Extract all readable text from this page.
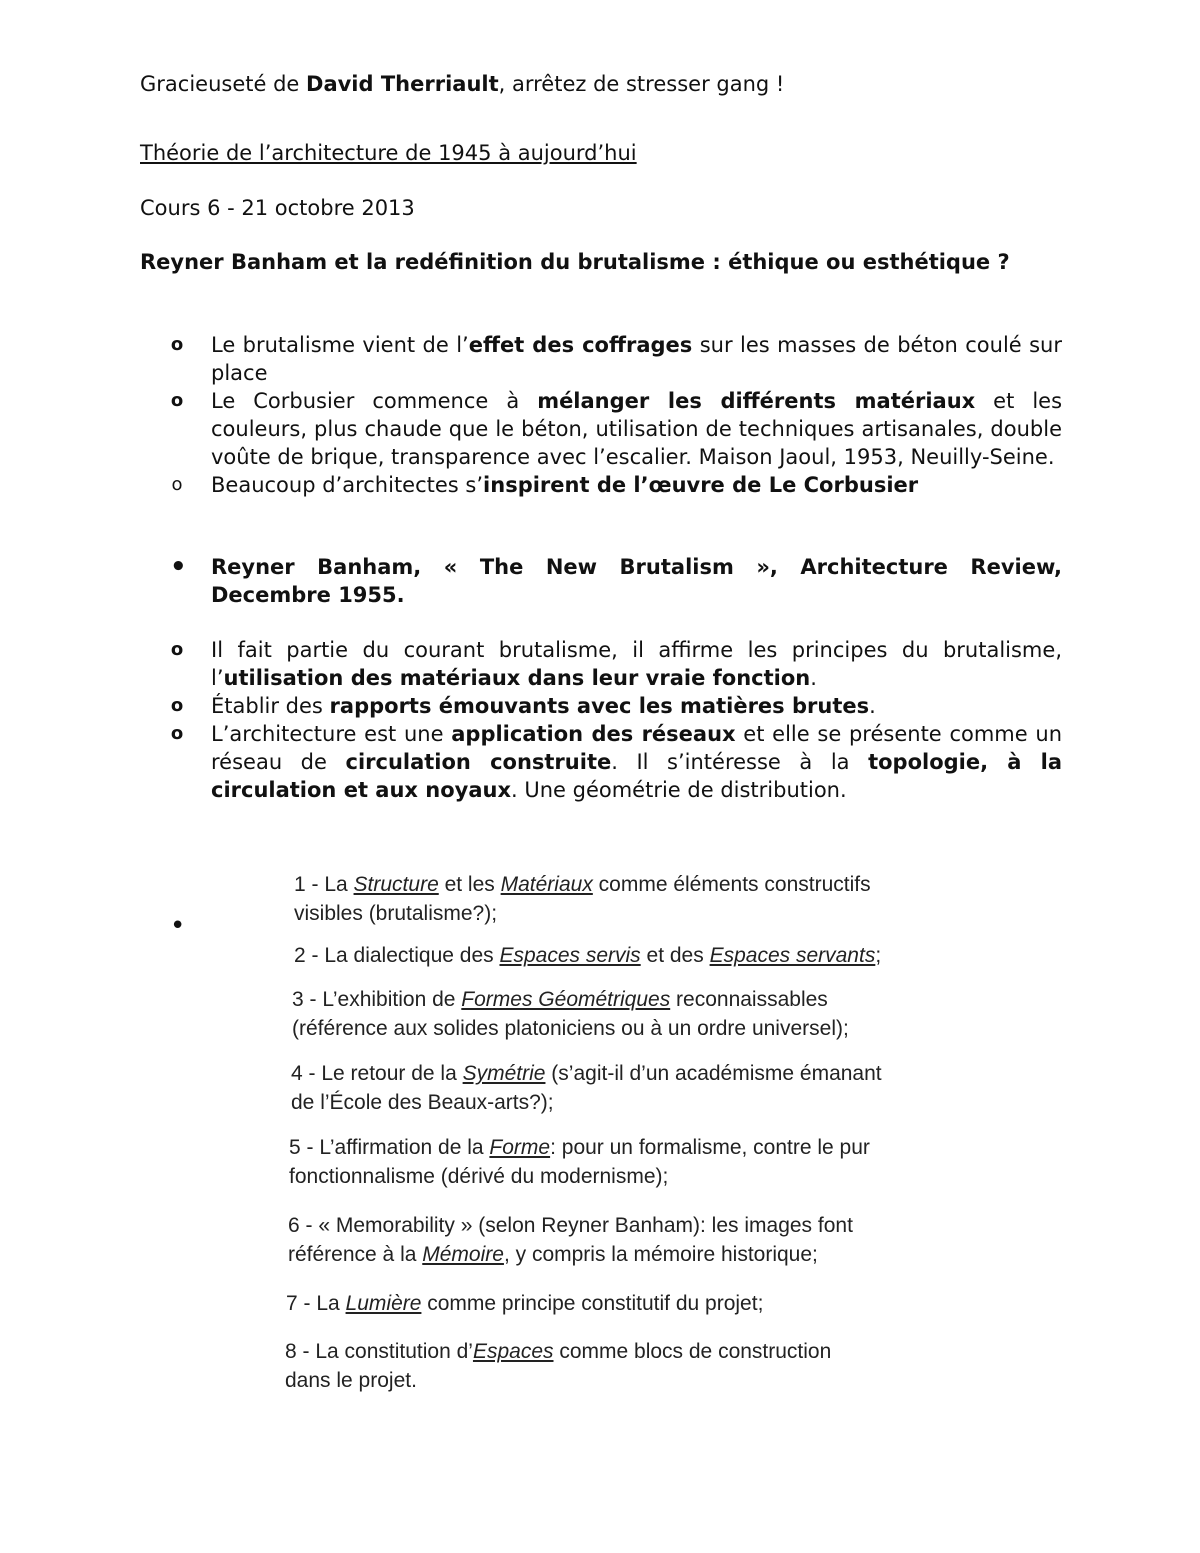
Gracieuseté de David Therriault, arrêtez de stresser gang !
Théorie de l’architecture de 1945 à aujourd’hui
Cours 6 - 21 octobre 2013
Reyner Banham et la redéfinition du brutalisme : éthique ou esthétique ?
o Le brutalisme vient de l’effet des coffrages sur les masses de béton coulé sur place
o Le Corbusier commence à mélanger les différents matériaux et les couleurs, plus chaude que le béton, utilisation de techniques artisanales, double voûte de brique, transparence avec l’escalier. Maison Jaoul, 1953, Neuilly-Seine.
o Beaucoup d’architectes s’inspirent de l’œuvre de Le Corbusier
• Reyner Banham, « The New Brutalism », Architecture Review, Decembre 1955.
o Il fait partie du courant brutalisme, il affirme les principes du brutalisme, l’utilisation des matériaux dans leur vraie fonction.
o Établir des rapports émouvants avec les matières brutes.
o L’architecture est une application des réseaux et elle se présente comme un réseau de circulation construite. Il s’intéresse à la topologie, à la circulation et aux noyaux. Une géométrie de distribution.
•
1 - La Structure et les Matériaux comme éléments constructifs
visibles (brutalisme?);
2 - La dialectique des Espaces servis et des Espaces servants;
3 - L’exhibition de Formes Géométriques reconnaissables
(référence aux solides platoniciens ou à un ordre universel);
4 - Le retour de la Symétrie (s’agit-il d’un académisme émanant
de l’École des Beaux-arts?);
5 - L’affirmation de la Forme: pour un formalisme, contre le pur
fonctionnalisme (dérivé du modernisme);
6 - « Memorability » (selon Reyner Banham): les images font
référence à la Mémoire, y compris la mémoire historique;
7 - La Lumière comme principe constitutif du projet;
8 - La constitution d’Espaces comme blocs de construction
dans le projet.
